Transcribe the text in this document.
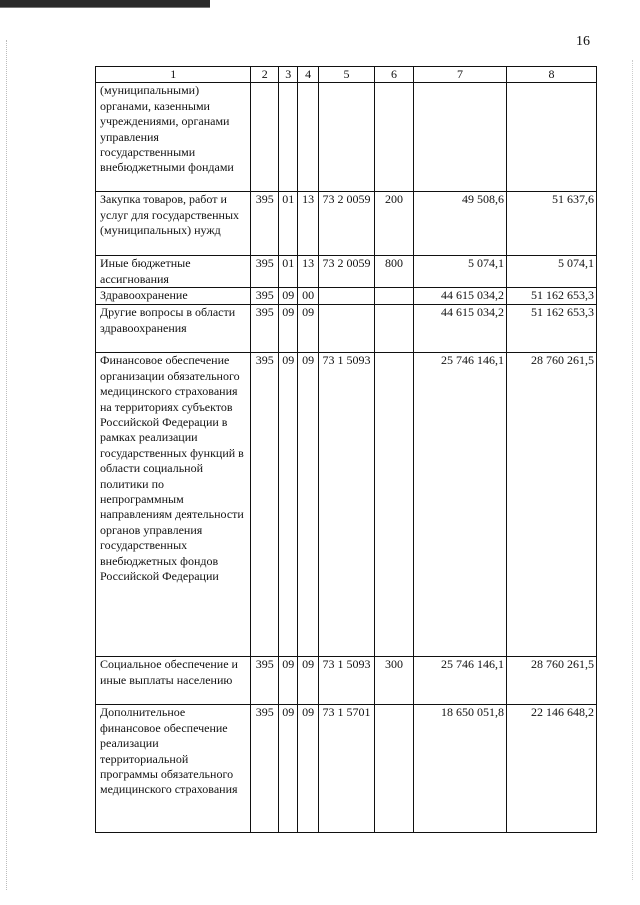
16
1	2	3	4	5	6	7	8
(муниципальными) органами, казенными учреждениями, органами управления государственными внебюджетными фондами							
Закупка товаров, работ и услуг для государственных (муниципальных) нужд	395	01	13	73 2 0059	200	49 508,6	51 637,6
Иные бюджетные ассигнования	395	01	13	73 2 0059	800	5 074,1	5 074,1
Здравоохранение	395	09	00			44 615 034,2	51 162 653,3
Другие вопросы в области здравоохранения	395	09	09			44 615 034,2	51 162 653,3
Финансовое обеспечение организации обязательного медицинского страхования на территориях субъектов Российской Федерации в рамках реализации государственных функций в области социальной политики по непрограммным направлениям деятельности органов управления государственных внебюджетных фондов Российской Федерации	395	09	09	73 1 5093		25 746 146,1	28 760 261,5
Социальное обеспечение и иные выплаты населению	395	09	09	73 1 5093	300	25 746 146,1	28 760 261,5
Дополнительное финансовое обеспечение реализации территориальной программы обязательного медицинского страхования	395	09	09	73 1 5701		18 650 051,8	22 146 648,2
